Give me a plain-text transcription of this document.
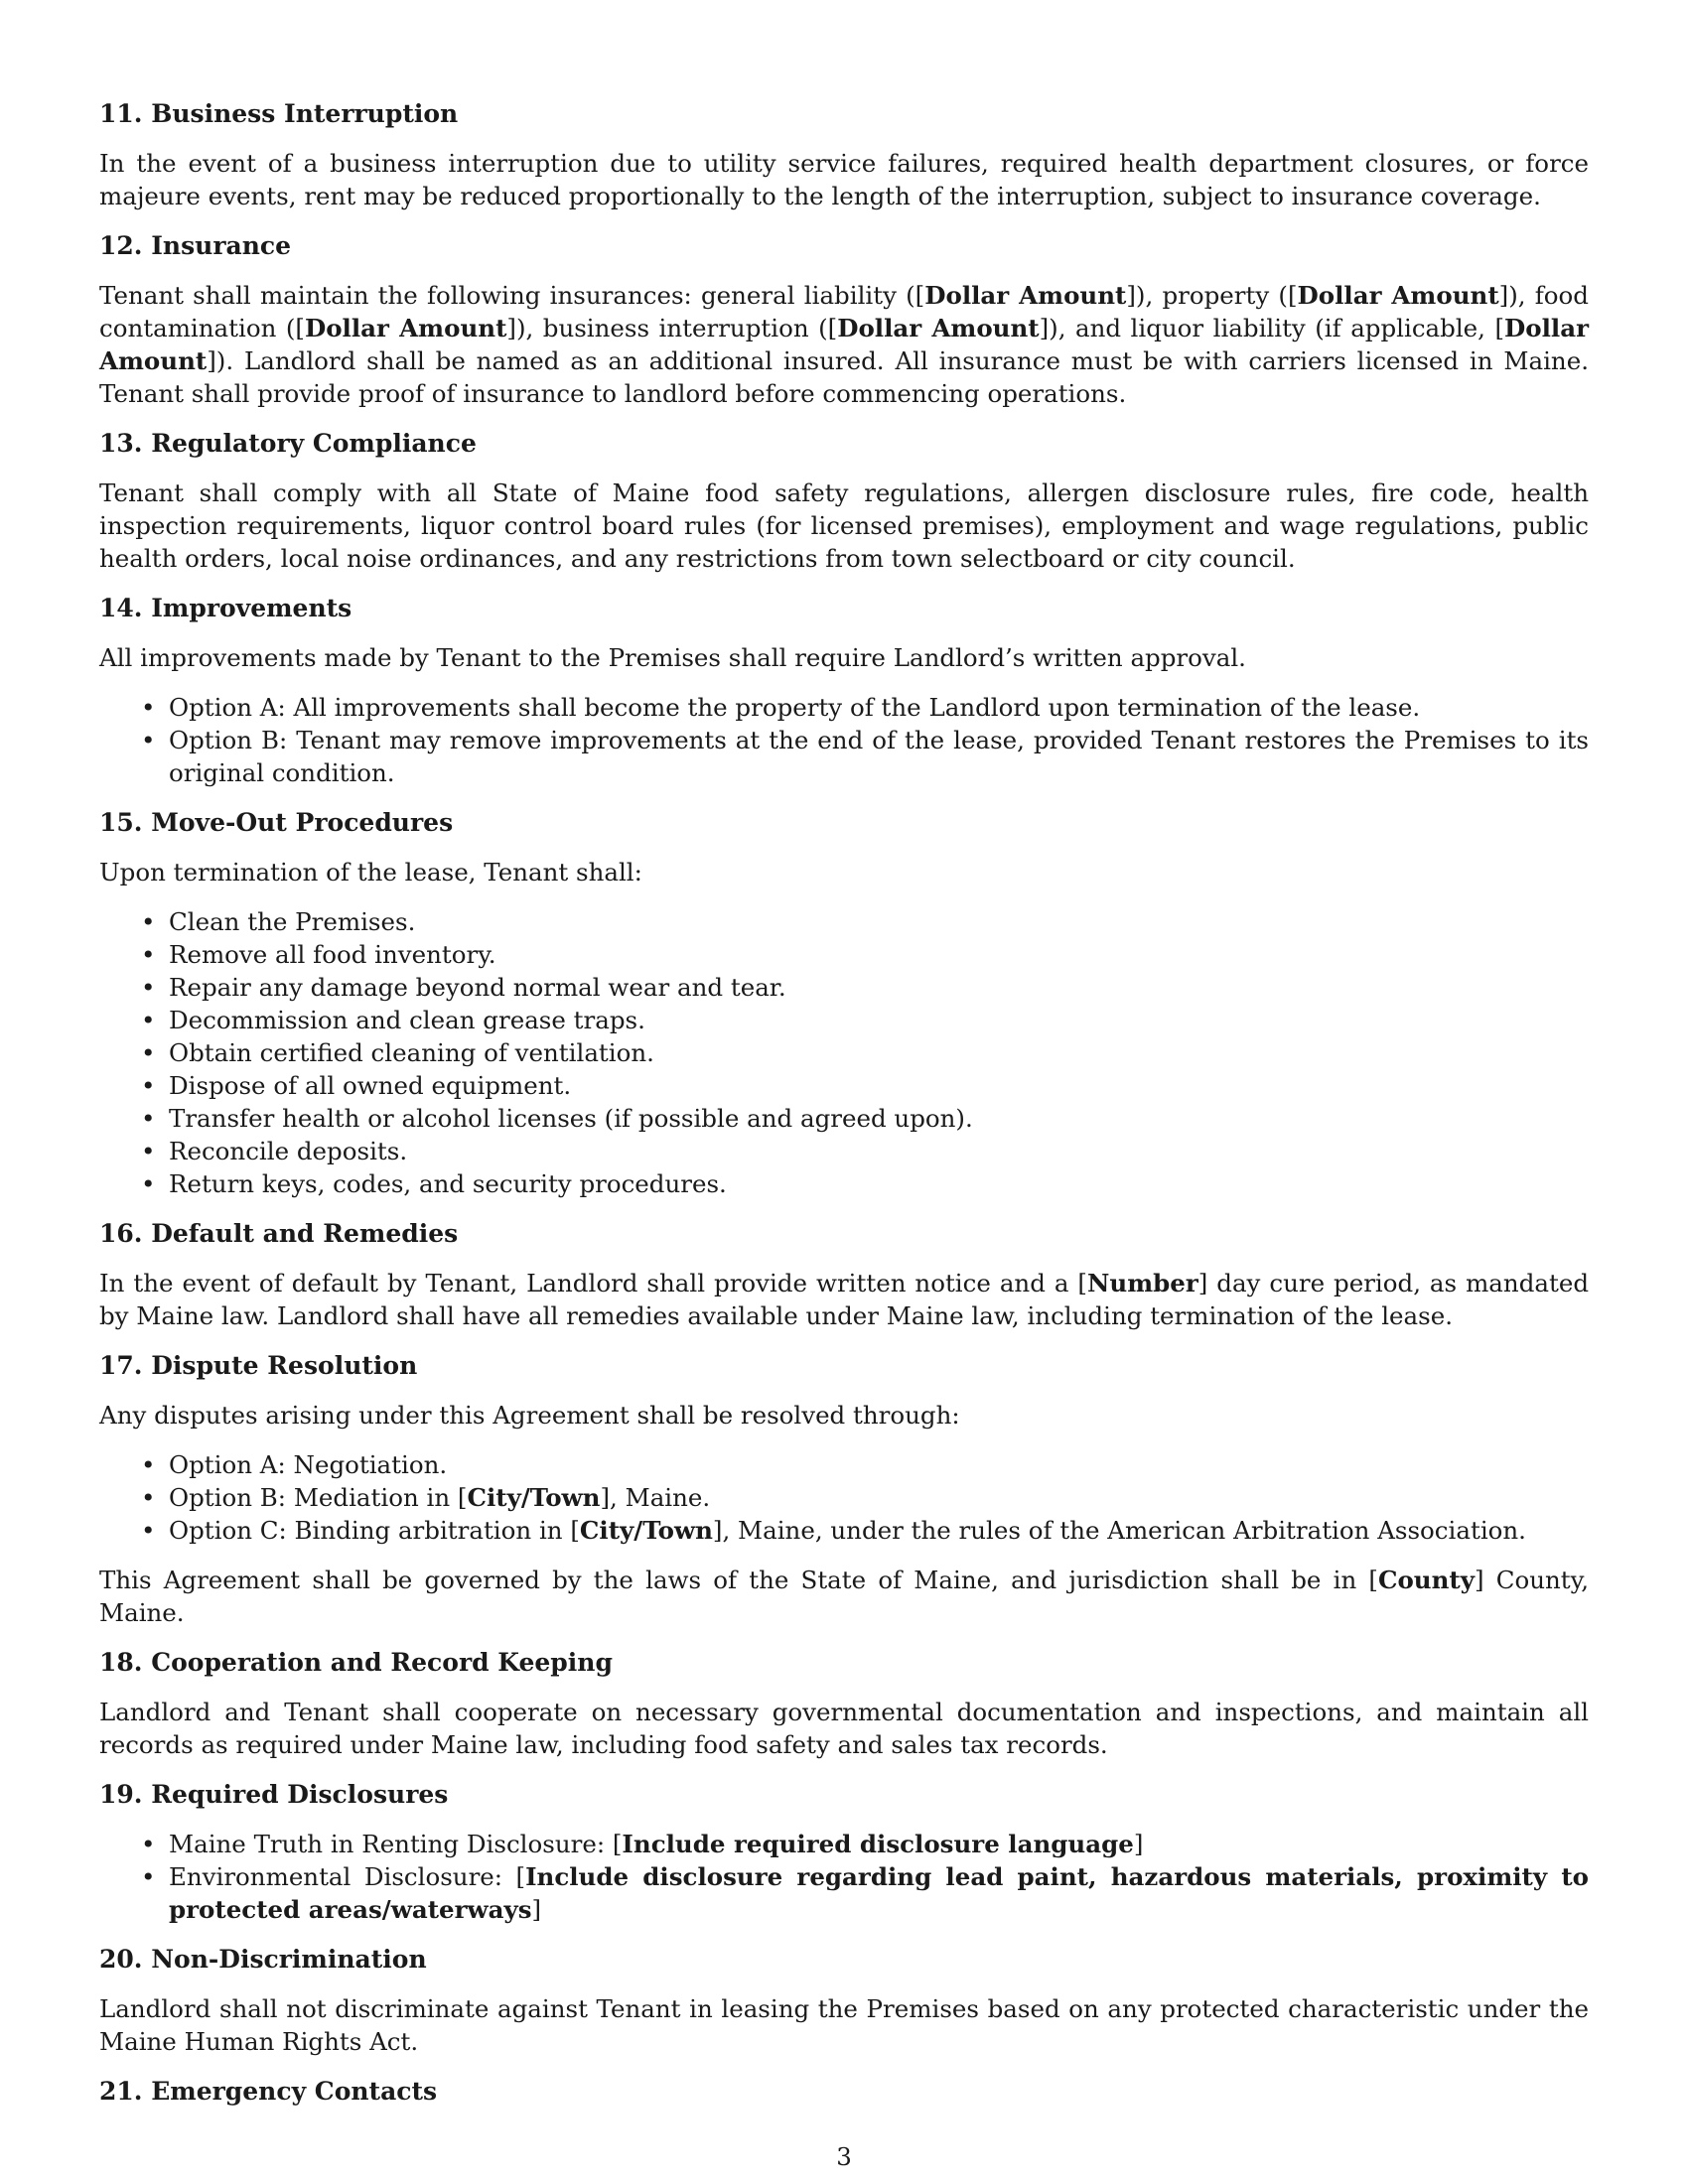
11. Business Interruption
In the event of a business interruption due to utility service failures, required health department closures, or force majeure events, rent may be reduced proportionally to the length of the interruption, subject to insurance coverage.
12. Insurance
Tenant shall maintain the following insurances: general liability ([Dollar Amount]), property ([Dollar Amount]), food contamination ([Dollar Amount]), business interruption ([Dollar Amount]), and liquor liability (if applicable, [Dollar Amount]). Landlord shall be named as an additional insured. All insurance must be with carriers licensed in Maine. Tenant shall provide proof of insurance to landlord before commencing operations.
13. Regulatory Compliance
Tenant shall comply with all State of Maine food safety regulations, allergen disclosure rules, fire code, health inspection requirements, liquor control board rules (for licensed premises), employment and wage regulations, public health orders, local noise ordinances, and any restrictions from town selectboard or city council.
14. Improvements
All improvements made by Tenant to the Premises shall require Landlord’s written approval.
• Option A: All improvements shall become the property of the Landlord upon termination of the lease.
• Option B: Tenant may remove improvements at the end of the lease, provided Tenant restores the Premises to its original condition.
15. Move-Out Procedures
Upon termination of the lease, Tenant shall:
• Clean the Premises.
• Remove all food inventory.
• Repair any damage beyond normal wear and tear.
• Decommission and clean grease traps.
• Obtain certified cleaning of ventilation.
• Dispose of all owned equipment.
• Transfer health or alcohol licenses (if possible and agreed upon).
• Reconcile deposits.
• Return keys, codes, and security procedures.
16. Default and Remedies
In the event of default by Tenant, Landlord shall provide written notice and a [Number] day cure period, as mandated by Maine law. Landlord shall have all remedies available under Maine law, including termination of the lease.
17. Dispute Resolution
Any disputes arising under this Agreement shall be resolved through:
• Option A: Negotiation.
• Option B: Mediation in [City/Town], Maine.
• Option C: Binding arbitration in [City/Town], Maine, under the rules of the American Arbitration Association.
This Agreement shall be governed by the laws of the State of Maine, and jurisdiction shall be in [County] County, Maine.
18. Cooperation and Record Keeping
Landlord and Tenant shall cooperate on necessary governmental documentation and inspections, and maintain all records as required under Maine law, including food safety and sales tax records.
19. Required Disclosures
• Maine Truth in Renting Disclosure: [Include required disclosure language]
• Environmental Disclosure: [Include disclosure regarding lead paint, hazardous materials, proximity to protected areas/waterways]
20. Non-Discrimination
Landlord shall not discriminate against Tenant in leasing the Premises based on any protected characteristic under the Maine Human Rights Act.
21. Emergency Contacts
3
